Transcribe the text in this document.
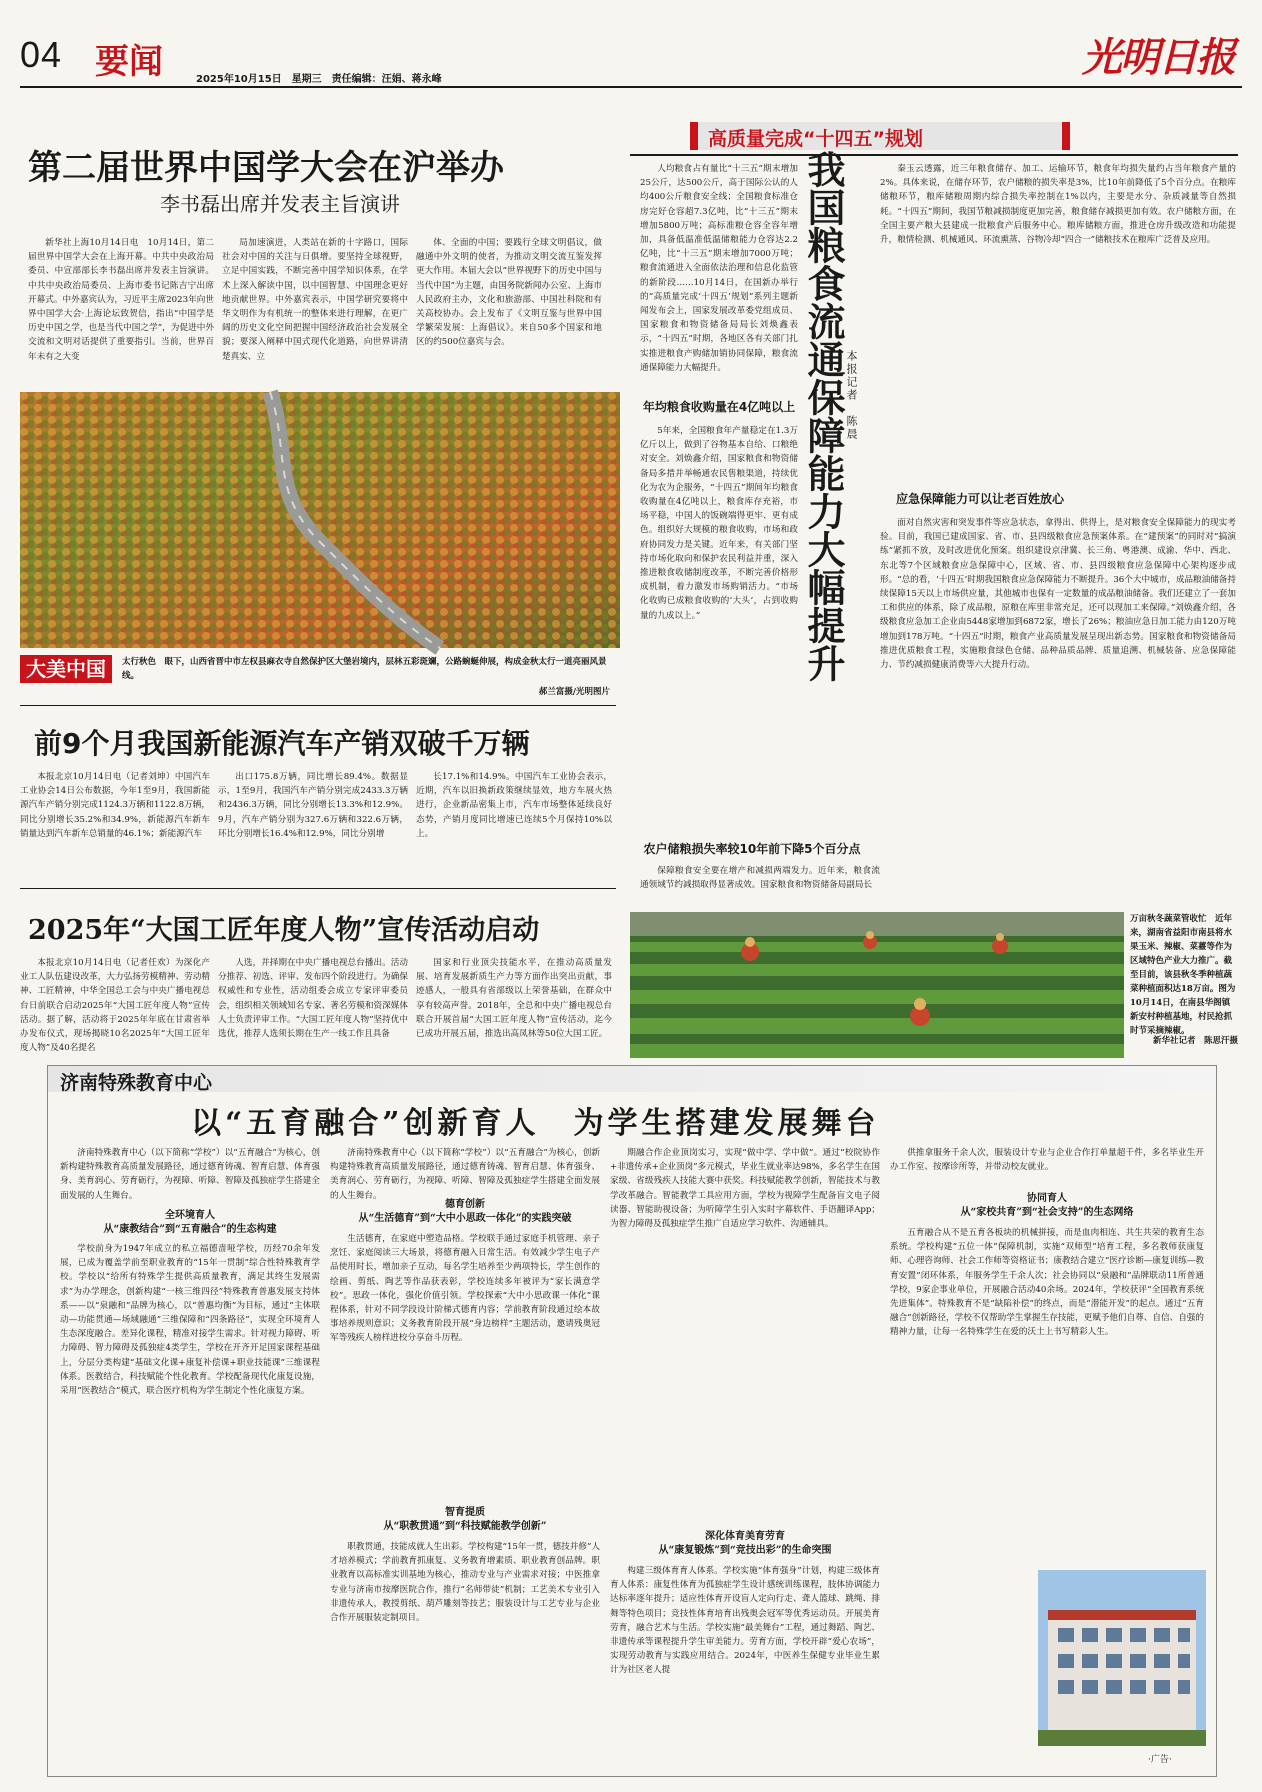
04 要闻	2025年10月15日　星期三　责任编辑：汪娟、蒋永峰	光明日报
第二届世界中国学大会在沪举办
李书磊出席并发表主旨演讲
新华社上海10月14日电　10月14日，第二届世界中国学大会在上海开幕。中共中央政治局委员、中宣部部长李书磊出席并发表主旨演讲。中共中央政治局委员、上海市委书记陈吉宁出席开幕式。中外嘉宾认为，习近平主席2023年向世界中国学大会·上海论坛致贺信，指出“中国学是历史中国之学，也是当代中国之学”，为促进中外交流和文明对话提供了重要指引。当前，世界百年未有之大变
局加速演进，人类站在新的十字路口，国际社会对中国的关注与日俱增。要坚持全球视野，立足中国实践，不断完善中国学知识体系，在学术上深入解读中国，以中国智慧、中国理念更好地贡献世界。中外嘉宾表示，中国学研究要将中华文明作为有机统一的整体来进行理解，在更广阔的历史文化空间把握中国经济政治社会发展全貌；要深入阐释中国式现代化道路，向世界讲清楚真实、立
体、全面的中国；要践行全球文明倡议，做融通中外文明的使者，为推动文明交流互鉴发挥更大作用。本届大会以“世界视野下的历史中国与当代中国”为主题，由国务院新闻办公室、上海市人民政府主办，文化和旅游部、中国社科院和有关高校协办。会上发布了《文明互鉴与世界中国学繁荣发展：上海倡议》。来自50多个国家和地区的约500位嘉宾与会。
大美中国	太行秋色　眼下，山西省晋中市左权县麻衣寺自然保护区大堡岩境内，层林五彩斑斓，公路蜿蜒伸展，构成金秋太行一道亮丽风景线。
郝兰富摄/光明图片
前9个月我国新能源汽车产销双破千万辆
本报北京10月14日电（记者刘坤）中国汽车工业协会14日公布数据，今年1至9月，我国新能源汽车产销分别完成1124.3万辆和1122.8万辆，同比分别增长35.2%和34.9%，新能源汽车新车销量达到汽车新车总销量的46.1%；新能源汽车
出口175.8万辆，同比增长89.4%。数据显示，1至9月，我国汽车产销分别完成2433.3万辆和2436.3万辆，同比分别增长13.3%和12.9%。9月，汽车产销分别为327.6万辆和322.6万辆，环比分别增长16.4%和12.9%，同比分别增
长17.1%和14.9%。中国汽车工业协会表示，近期，汽车以旧换新政策继续显效，地方车展火热进行，企业新品密集上市，汽车市场整体延续良好态势，产销月度同比增速已连续5个月保持10%以上。
2025年“大国工匠年度人物”宣传活动启动
本报北京10月14日电（记者任欢）为深化产业工人队伍建设改革，大力弘扬劳模精神、劳动精神、工匠精神，中华全国总工会与中央广播电视总台日前联合启动2025年“大国工匠年度人物”宣传活动。据了解，活动将于2025年年底在甘肃省举办发布仪式，现场揭晓10名2025年“大国工匠年度人物”及40名提名
人选，并择期在中央广播电视总台播出。活动分推荐、初选、评审、发布四个阶段进行。为确保权威性和专业性，活动组委会成立专家评审委员会，组织相关领域知名专家、著名劳模和资深媒体人士负责评审工作。“大国工匠年度人物”坚持优中选优，推荐人选须长期在生产一线工作且具备
国家和行业顶尖技能水平，在推动高质量发展、培育发展新质生产力等方面作出突出贡献，事迹感人，一般具有省部级以上荣誉基础，在群众中享有较高声誉。2018年，全总和中央广播电视总台联合开展首届“大国工匠年度人物”宣传活动，迄今已成功开展五届，推选出高凤林等50位大国工匠。
高质量完成“十四五”规划
人均粮食占有量比“十三五”期末增加25公斤，达500公斤，高于国际公认的人均400公斤粮食安全线；全国粮食标准仓房完好仓容超7.3亿吨，比“十三五”期末增加5800万吨；高标准粮仓容全容年增加，具备低温准低温储粮能力仓容达2.2亿吨，比“十三五”期末增加7000万吨；粮食流通进入全面依法治理和信息化监管的新阶段……10月14日，在国新办举行的“高质量完成‘十四五’规划”系列主题新闻发布会上，国家发展改革委党组成员、国家粮食和物资储备局局长刘焕鑫表示，“十四五”时期，各地区各有关部门扎实推进粮食产购储加销协同保障，粮食流通保障能力大幅提升。
年均粮食收购量在4亿吨以上
5年来，全国粮食年产量稳定在1.3万亿斤以上，做到了谷物基本自给、口粮绝对安全。刘焕鑫介绍，国家粮食和物资储备局多措并举畅通农民售粮渠道，持续优化为农为企服务，“十四五”期间年均粮食收购量在4亿吨以上，粮食库存充裕，市场平稳，中国人的饭碗端得更牢、更有成色。组织好大规模的粮食收购，市场和政府协同发力是关键。近年来，有关部门坚持市场化取向和保护农民利益并重，深入推进粮食收储制度改革，不断完善价格形成机制，着力激发市场购销活力。“市场化收购已成粮食收购的‘大头’，占到收购量的九成以上。”
农户储粮损失率较10年前下降5个百分点
保障粮食安全要在增产和减损两端发力。近年来，粮食流通领域节约减损取得显著成效。国家粮食和物资储备局副局长
我国粮食流通保障能力大幅提升 本报记者　陈晨
秦玉云透露，近三年粮食储存、加工、运输环节，粮食年均损失量约占当年粮食产量的2%。具体来说，在储存环节，农户储粮的损失率是3%，比10年前降低了5个百分点。在粮库储粮环节，粮库储粮周期内综合损失率控制在1%以内，主要是水分、杂质减量等自然损耗。“十四五”期间，我国节粮减损制度更加完善，粮食储存减损更加有效。农户储粮方面，在全国主要产粮大县建成一批粮食产后服务中心。粮库储粮方面，推进仓房升级改造和功能提升，粮情检测、机械通风、环流熏蒸、谷物冷却“四合一”储粮技术在粮库广泛普及应用。
应急保障能力可以让老百姓放心
面对自然灾害和突发事件等应急状态，拿得出、供得上，是对粮食安全保障能力的现实考验。目前，我国已建成国家、省、市、县四级粮食应急预案体系。在“建预案”的同时对“搞演练”紧抓不放，及时改进优化预案。组织建设京津冀、长三角、粤港澳、成渝、华中、西北、东北等7个区域粮食应急保障中心，区域、省、市、县四级粮食应急保障中心架构逐步成形。“总的看，‘十四五’时期我国粮食应急保障能力不断提升。36个大中城市，成品粮油储备持续保障15天以上市场供应量，其他城市也保有一定数量的成品粮油储备。我们还建立了一套加工和供应的体系，除了成品粮，原粮在库里非常充足，还可以现加工来保障。”刘焕鑫介绍，各级粮食应急加工企业由5448家增加到6872家，增长了26%；粮油应急日加工能力由120万吨增加到178万吨。“十四五”时期，粮食产业高质量发展呈现出新态势。国家粮食和物资储备局推进优质粮食工程，实施粮食绿色仓储、品种品质品牌、质量追溯、机械装备、应急保障能力、节约减损健康消费等六大提升行动。
万亩秋冬蔬菜管收忙　近年来，湖南省益阳市南县将水果玉米、辣椒、菜薹等作为区域特色产业大力推广。截至目前，该县秋冬季种植蔬菜种植面积达18万亩。图为10月14日，在南县华阁镇新安村种植基地，村民抢抓时节采摘辣椒。
新华社记者　陈思汗摄
济南特殊教育中心
以“五育融合”创新育人　为学生搭建发展舞台
济南特殊教育中心（以下简称“学校”）以“五育融合”为核心，创新构建特殊教育高质量发展路径，通过德育铸魂、智育启慧、体育强身、美育润心、劳育砺行，为视障、听障、智障及孤独症学生搭建全面发展的人生舞台。
全环境育人
从“康教结合”到“五育融合”的生态构建
学校前身为1947年成立的私立福德啬哑学校，历经70余年发展，已成为覆盖学前至职业教育的“15年一贯制”综合性特殊教育学校。学校以“给所有特殊学生提供高质量教育，满足其终生发展需求”为办学理念，创新构建“一核三维四径”特殊教育普惠发展支持体系——以“泉融和”品牌为核心，以“普惠均衡”为目标，通过“主体联动—功能贯通—场域融通”三维保障和“四条路径”，实现全环境育人生态深度融合。差异化课程，精准对接学生需求。针对视力障碍、听力障碍、智力障碍及孤独症4类学生，学校在开齐开足国家课程基础上，分层分类构建“基础文化课+康复补偿课+职业技能课”三维课程体系。医教结合，科技赋能个性化教育。学校配备现代化康复设施，采用“医教结合”模式，联合医疗机构为学生制定个性化康复方案。
济南特殊教育中心（以下简称“学校”）以“五育融合”为核心，创新构建特殊教育高质量发展路径，通过德育铸魂、智育启慧、体育强身、美育润心、劳育砺行，为视障、听障、智障及孤独症学生搭建全面发展的人生舞台。
德育创新
从“生活德育”到“大中小思政一体化”的实践突破
生活德育，在家庭中塑造品格。学校联手通过家庭手机管理、亲子烹饪、家庭阅读三大场景，将德育融入日常生活。有效减少学生电子产品使用时长，增加亲子互动，每名学生培养至少两项特长，学生创作的绘画、剪纸、陶艺等作品获表彰，学校连续多年被评为“家长满意学校”。思政一体化，强化价值引领。学校探索“大中小思政课一体化”课程体系，针对不同学段设计阶梯式德育内容；学前教育阶段通过绘本故事培养规则意识；义务教育阶段开展“身边榜样”主题活动，邀请残奥冠军等残疾人榜样进校分享奋斗历程。
智育提质
从“职教贯通”到“科技赋能教学创新”
职教贯通，技能成就人生出彩。学校构建“15年一贯，德技并修”人才培养模式；学前教育抓康复、义务教育增素质、职业教育创品牌。职业教育以高标准实训基地为核心，推动专业与产业需求对接；中医推拿专业与济南市按摩医院合作，推行“名师带徒”机制；工艺美术专业引入非遗传承人，教授剪纸、葫芦雕刻等技艺；服装设计与工艺专业与企业合作开展服装定制项目。
期融合作企业顶岗实习，实现“做中学、学中做”。通过“校院协作+非遗传承+企业顶岗”多元模式，毕业生就业率达98%，多名学生在国家级、省级残疾人技能大赛中获奖。科技赋能教学创新，智能技术与教学改革融合。智能教学工具应用方面，学校为视障学生配备盲文电子阅读器、智能助视设备；为听障学生引入实时字幕软件、手语翻译App；为智力障碍及孤独症学生推广自适应学习软件、沟通辅具。
深化体育美育劳育
从“康复锻炼”到“竞技出彩”的生命突围
构建三级体育育人体系。学校实施“体育强身”计划，构建三级体育育人体系：康复性体育为孤独症学生设计感统训练课程，肢体协调能力达标率逐年提升；适应性体育开设盲人定向行走、聋人篮球、跳绳、排舞等特色项目；竞技性体育培育出残奥会冠军等优秀运动员。开展美育劳育，融合艺术与生活。学校实施“最美舞台”工程，通过舞蹈、陶艺、非遗传承等课程提升学生审美能力。劳育方面，学校开辟“爱心农场”，实现劳动教育与实践应用结合。2024年，中医养生保健专业毕业生累计为社区老人提
供推拿服务千余人次，服装设计专业与企业合作打单量超千件，多名毕业生开办工作室、按摩诊所等，并带动校友就业。
协同育人
从“家校共育”到“社会支持”的生态网络
五育融合从不是五育各板块的机械拼接，而是血肉相连、共生共荣的教育生态系统。学校构建“五位一体”保障机制，实施“双师型”培育工程，多名教师获康复师、心理咨询师、社会工作师等资格证书；康教结合建立“医疗诊断—康复训练—教育安置”闭环体系，年服务学生千余人次；社会协同以“泉融和”品牌联动11所普通学校，9家企事业单位，开展融合活动40余场。2024年，学校获评“全国教育系统先进集体”。特殊教育不是“缺陷补偿”的终点，而是“潜能开发”的起点。通过“五育融合”创新路径，学校不仅帮助学生掌握生存技能，更赋予他们自尊、自信、自强的精神力量，让每一名特殊学生在爱的沃土上书写精彩人生。
·广告·
